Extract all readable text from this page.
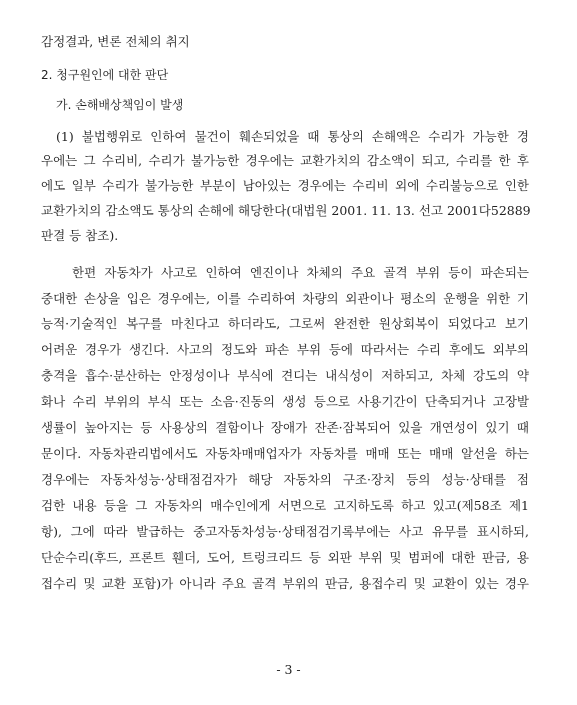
감정결과, 변론 전체의 취지
2. 청구원인에 대한 판단
가. 손해배상책임이 발생
(1) 불법행위로 인하여 물건이 훼손되었을 때 통상의 손해액은 수리가 가능한 경
우에는 그 수리비, 수리가 불가능한 경우에는 교환가치의 감소액이 되고, 수리를 한 후
에도 일부 수리가 불가능한 부분이 남아있는 경우에는 수리비 외에 수리불능으로 인한
교환가치의 감소액도 통상의 손해에 해당한다(대법원 2001. 11. 13. 선고 2001다52889
판결 등 참조).
한편 자동차가 사고로 인하여 엔진이나 차체의 주요 골격 부위 등이 파손되는
중대한 손상을 입은 경우에는, 이를 수리하여 차량의 외관이나 평소의 운행을 위한 기
능적·기술적인 복구를 마친다고 하더라도, 그로써 완전한 원상회복이 되었다고 보기
어려운 경우가 생긴다. 사고의 정도와 파손 부위 등에 따라서는 수리 후에도 외부의
충격을 흡수·분산하는 안정성이나 부식에 견디는 내식성이 저하되고, 차체 강도의 약
화나 수리 부위의 부식 또는 소음·진동의 생성 등으로 사용기간이 단축되거나 고장발
생률이 높아지는 등 사용상의 결함이나 장애가 잔존·잠복되어 있을 개연성이 있기 때
문이다. 자동차관리법에서도 자동차매매업자가 자동차를 매매 또는 매매 알선을 하는
경우에는 자동차성능·상태점검자가 해당 자동차의 구조·장치 등의 성능·상태를 점
검한 내용 등을 그 자동차의 매수인에게 서면으로 고지하도록 하고 있고(제58조 제1
항), 그에 따라 발급하는 중고자동차성능·상태점검기록부에는 사고 유무를 표시하되,
단순수리(후드, 프론트 휀더, 도어, 트렁크리드 등 외판 부위 및 범퍼에 대한 판금, 용
접수리 및 교환 포함)가 아니라 주요 골격 부위의 판금, 용접수리 및 교환이 있는 경우
- 3 -
